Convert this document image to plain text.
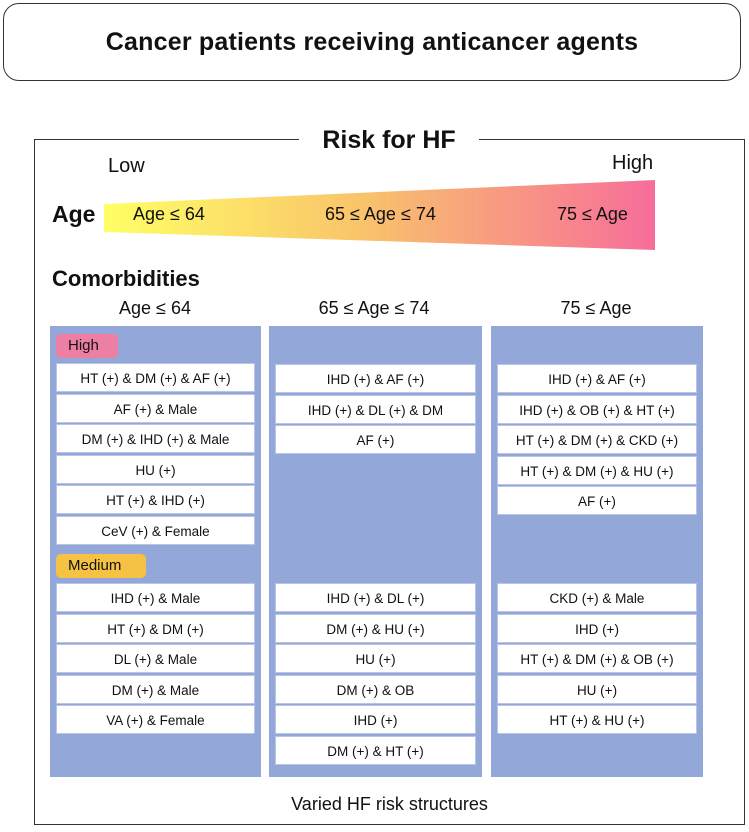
Cancer patients receiving anticancer agents
Risk for HF
Low	High
Age Age ≤ 64	65 ≤ Age ≤ 74	75 ≤ Age
Comorbidities
Age ≤ 64	65 ≤ Age ≤ 74	75 ≤ Age
High
Medium
HT (+) & DM (+) & AF (+)
AF (+) & Male
DM (+) & IHD (+) & Male
HU (+)
HT (+) & IHD (+)
CeV (+) & Female
IHD (+) & Male
HT (+) & DM (+)
DL (+) & Male
DM (+) & Male
VA (+) & Female
IHD (+) & AF (+)
IHD (+) & DL (+) & DM
AF (+)
IHD (+) & DL (+)
DM (+) & HU (+)
HU (+)
DM (+) & OB
IHD (+)
DM (+) & HT (+)
IHD (+) & AF (+)
IHD (+) & OB (+) & HT (+)
HT (+) & DM (+) & CKD (+)
HT (+) & DM (+) & HU (+)
AF (+)
CKD (+) & Male
IHD (+)
HT (+) & DM (+) & OB (+)
HU (+)
HT (+) & HU (+)
Varied HF risk structures
